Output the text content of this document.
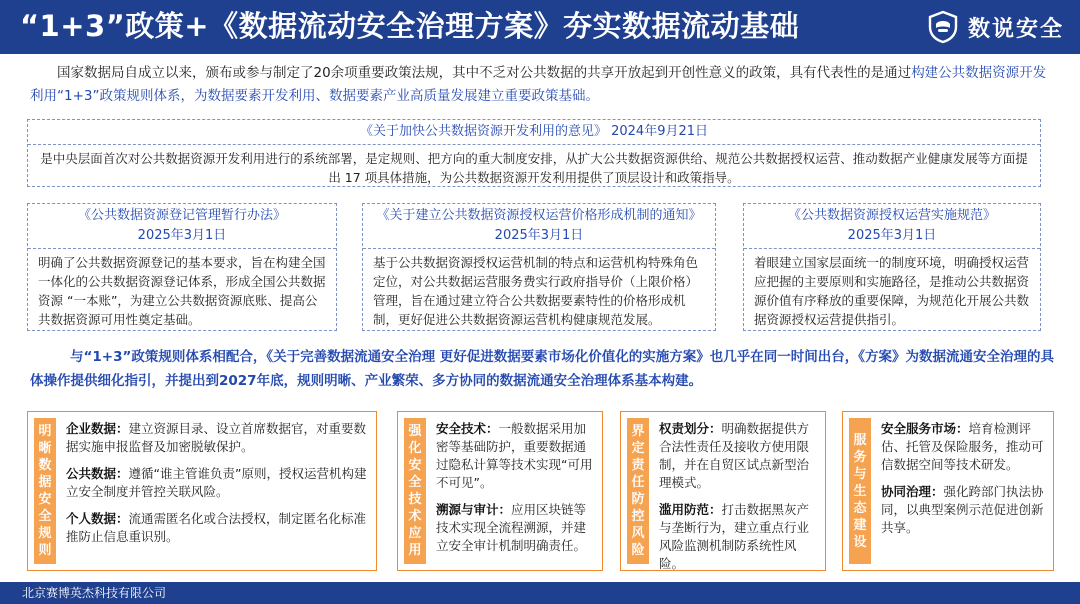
“1+3”政策+《数据流动安全治理方案》夯实数据流动基础	数说安全
国家数据局自成立以来，颁布或参与制定了20余项重要政策法规，其中不乏对公共数据的共享开放起到开创性意义的政策，具有代表性的是通过构建公共数据资源开发利用“1+3”政策规则体系，为数据要素开发利用、数据要素产业高质量发展建立重要政策基础。
《关于加快公共数据资源开发利用的意见》 2024年9月21日
是中央层面首次对公共数据资源开发利用进行的系统部署，是定规则、把方向的重大制度安排，从扩大公共数据资源供给、规范公共数据授权运营、推动数据产业健康发展等方面提出 17 项具体措施，为公共数据资源开发利用提供了顶层设计和政策指导。
《公共数据资源登记管理暂行办法》
2025年3月1日
明确了公共数据资源登记的基本要求，旨在构建全国一体化的公共数据资源登记体系，形成全国公共数据资源 “一本账”，为建立公共数据资源底账、提高公共数据资源可用性奠定基础。
《关于建立公共数据资源授权运营价格形成机制的通知》
2025年3月1日
基于公共数据资源授权运营机制的特点和运营机构特殊角色定位，对公共数据运营服务费实行政府指导价（上限价格）管理，旨在通过建立符合公共数据要素特性的价格形成机制，更好促进公共数据资源运营机构健康规范发展。
《公共数据资源授权运营实施规范》
2025年3月1日
着眼建立国家层面统一的制度环境，明确授权运营应把握的主要原则和实施路径，是推动公共数据资源价值有序释放的重要保障，为规范化开展公共数据资源授权运营提供指引。
与“1+3”政策规则体系相配合，《关于完善数据流通安全治理 更好促进数据要素市场化价值化的实施方案》也几乎在同一时间出台，《方案》为数据流通安全治理的具体操作提供细化指引，并提出到2027年底，规则明晰、产业繁荣、多方协同的数据流通安全治理体系基本构建。
明
晰
数
据
安
全
规
则

企业数据：建立资源目录、设立首席数据官，对重要数据实施申报监督及加密脱敏保护。

公共数据：遵循“谁主管谁负责”原则，授权运营机构建立安全制度并管控关联风险。

个人数据：流通需匿名化或合法授权，制定匿名化标准推防止信息重识别。

强
化
安
全
技
术
应
用

安全技术：一般数据采用加密等基础防护，重要数据通过隐私计算等技术实现“可用不可见”。

溯源与审计：应用区块链等技术实现全流程溯源，并建立安全审计机制明确责任。

界
定
责
任
防
控
风
险

权责划分：明确数据提供方合法性责任及接收方使用限制，并在自贸区试点新型治理模式。

滥用防范：打击数据黑灰产与垄断行为，建立重点行业风险监测机制防系统性风险。

服
务
与
生
态
建
设

安全服务市场：培育检测评估、托管及保险服务，推动可信数据空间等技术研发。

协同治理：强化跨部门执法协同，以典型案例示范促进创新共享。

北京赛博英杰科技有限公司
